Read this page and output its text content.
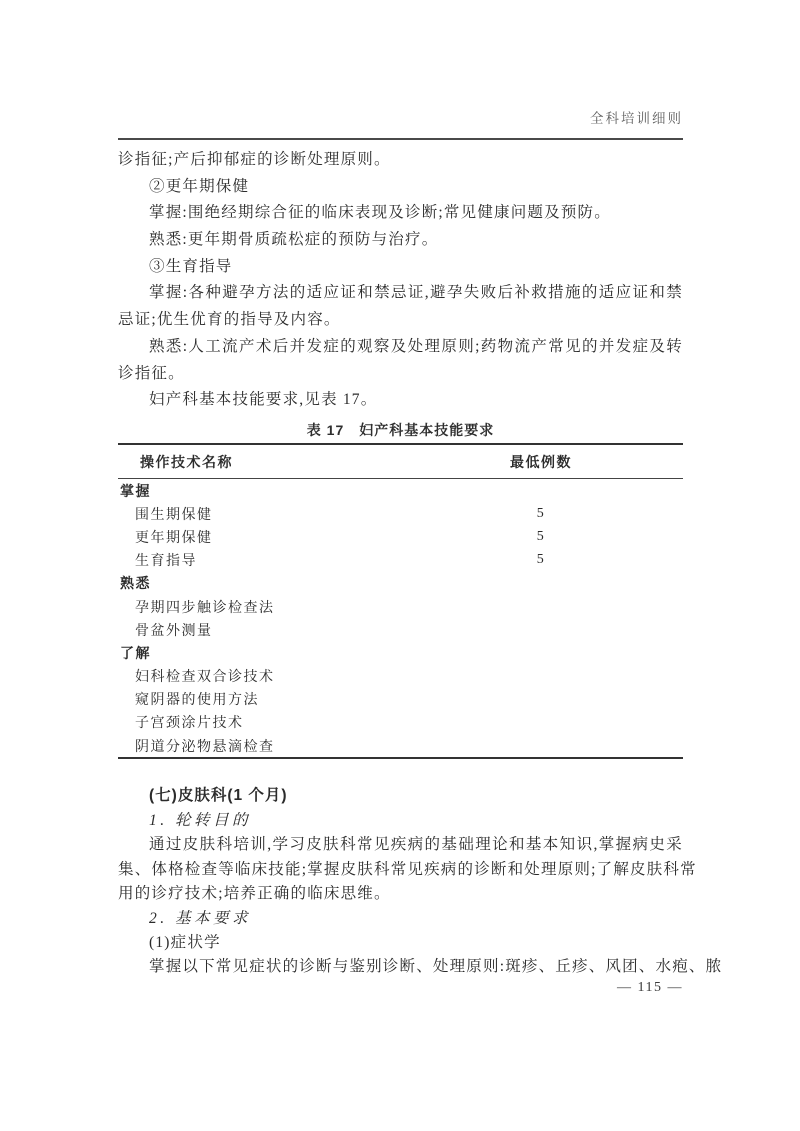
全科培训细则
诊指征;产后抑郁症的诊断处理原则。
②更年期保健
掌握:围绝经期综合征的临床表现及诊断;常见健康问题及预防。
熟悉:更年期骨质疏松症的预防与治疗。
③生育指导
掌握:各种避孕方法的适应证和禁忌证,避孕失败后补救措施的适应证和禁
忌证;优生优育的指导及内容。
熟悉:人工流产术后并发症的观察及处理原则;药物流产常见的并发症及转
诊指征。
妇产科基本技能要求,见表 17。
表 17　妇产科基本技能要求
操作技术名称	最低例数
掌握
围生期保健	5
更年期保健	5
生育指导	5
熟悉
孕期四步触诊检查法
骨盆外测量
了解
妇科检查双合诊技术
窥阴器的使用方法
子宫颈涂片技术
阴道分泌物悬滴检查
(七)皮肤科(1 个月)
1. 轮转目的
通过皮肤科培训,学习皮肤科常见疾病的基础理论和基本知识,掌握病史采
集、体格检查等临床技能;掌握皮肤科常见疾病的诊断和处理原则;了解皮肤科常
用的诊疗技术;培养正确的临床思维。
2. 基本要求
(1)症状学
掌握以下常见症状的诊断与鉴别诊断、处理原则:斑疹、丘疹、风团、水疱、脓
— 115 —
